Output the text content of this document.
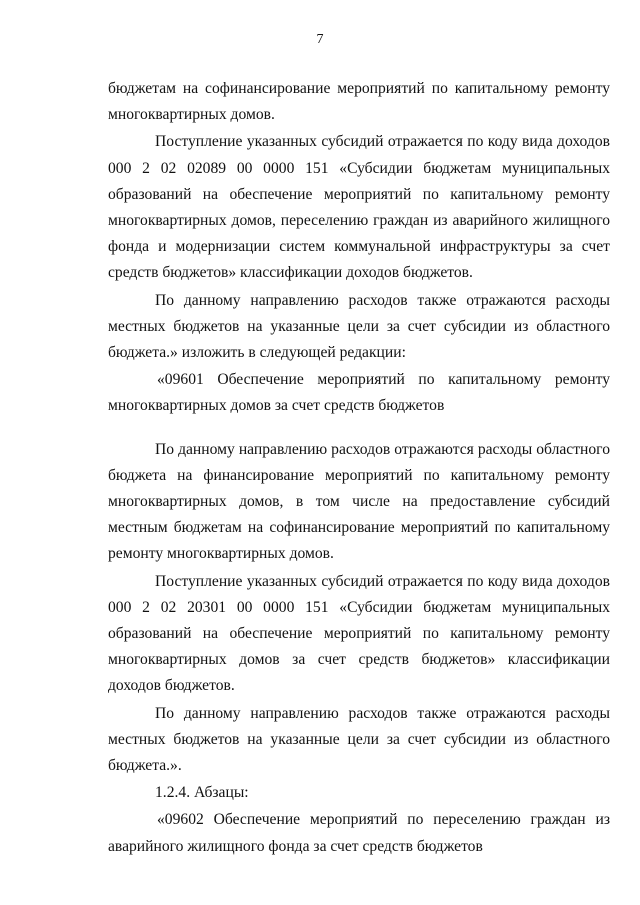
7

бюджетам на софинансирование мероприятий по капитальному ремонту многоквартирных домов.

Поступление указанных субсидий отражается по коду вида доходов 000 2 02 02089 00 0000 151 «Субсидии бюджетам муниципальных образований на обеспечение мероприятий по капитальному ремонту многоквартирных домов, переселению граждан из аварийного жилищного фонда и модернизации систем коммунальной инфраструктуры за счет средств бюджетов» классификации доходов бюджетов.

По данному направлению расходов также отражаются расходы местных бюджетов на указанные цели за счет субсидии из областного бюджета.» изложить в следующей редакции:

«09601 Обеспечение мероприятий по капитальному ремонту многоквартирных домов за счет средств бюджетов

По данному направлению расходов отражаются расходы областного бюджета на финансирование мероприятий по капитальному ремонту многоквартирных домов, в том числе на предоставление субсидий местным бюджетам на софинансирование мероприятий по капитальному ремонту многоквартирных домов.

Поступление указанных субсидий отражается по коду вида доходов 000 2 02 20301 00 0000 151 «Субсидии бюджетам муниципальных образований на обеспечение мероприятий по капитальному ремонту многоквартирных домов за счет средств бюджетов» классификации доходов бюджетов.

По данному направлению расходов также отражаются расходы местных бюджетов на указанные цели за счет субсидии из областного бюджета.».

1.2.4. Абзацы:

«09602 Обеспечение мероприятий по переселению граждан из аварийного жилищного фонда за счет средств бюджетов
